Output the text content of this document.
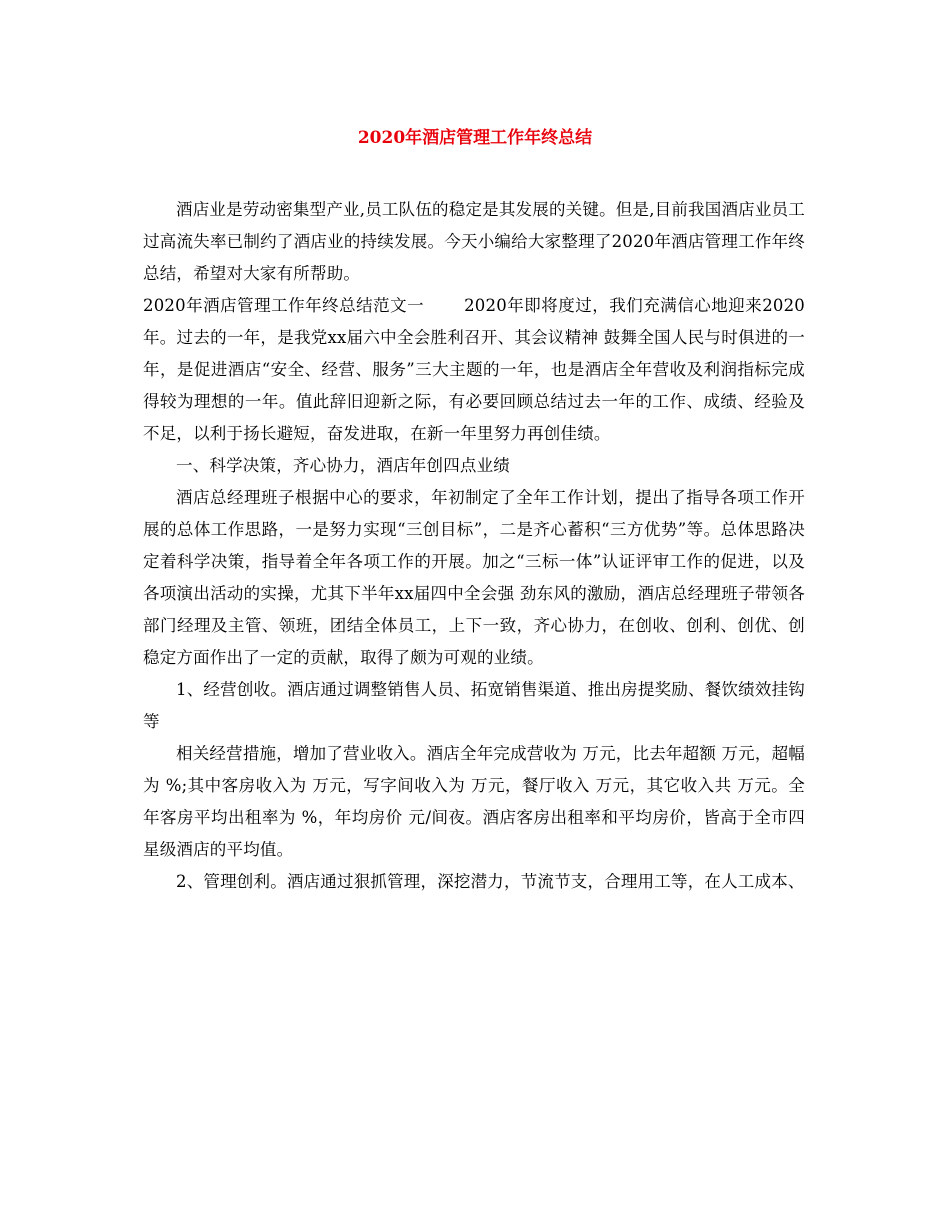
2020年酒店管理工作年终总结

酒店业是劳动密集型产业,员工队伍的稳定是其发展的关键。但是,目前我国酒店业员工过高流失率已制约了酒店业的持续发展。今天小编给大家整理了2020年酒店管理工作年终总结，希望对大家有所帮助。

2020年酒店管理工作年终总结范文一 2020年即将度过，我们充满信心地迎来2020年。过去的一年，是我党xx届六中全会胜利召开、其会议精神 鼓舞全国人民与时俱进的一年，是促进酒店“安全、经营、服务”三大主题的一年，也是酒店全年营收及利润指标完成得较为理想的一年。值此辞旧迎新之际，有必要回顾总结过去一年的工作、成绩、经验及不足，以利于扬长避短，奋发进取，在新一年里努力再创佳绩。

一、科学决策，齐心协力，酒店年创四点业绩

酒店总经理班子根据中心的要求，年初制定了全年工作计划，提出了指导各项工作开展的总体工作思路，一是努力实现“三创目标”，二是齐心蓄积“三方优势”等。总体思路决定着科学决策，指导着全年各项工作的开展。加之“三标一体”认证评审工作的促进，以及各项演出活动的实操，尤其下半年xx届四中全会强 劲东风的激励，酒店总经理班子带领各部门经理及主管、领班，团结全体员工，上下一致，齐心协力，在创收、创利、创优、创稳定方面作出了一定的贡献，取得了颇为可观的业绩。

1、经营创收。酒店通过调整销售人员、拓宽销售渠道、推出房提奖励、餐饮绩效挂钩等

相关经营措施，增加了营业收入。酒店全年完成营收为 万元，比去年超额 万元，超幅为 %;其中客房收入为 万元，写字间收入为 万元，餐厅收入 万元，其它收入共 万元。全年客房平均出租率为 %，年均房价 元/间夜。酒店客房出租率和平均房价，皆高于全市四星级酒店的平均值。

2、管理创利。酒店通过狠抓管理，深挖潜力，节流节支，合理用工等，在人工成本、
